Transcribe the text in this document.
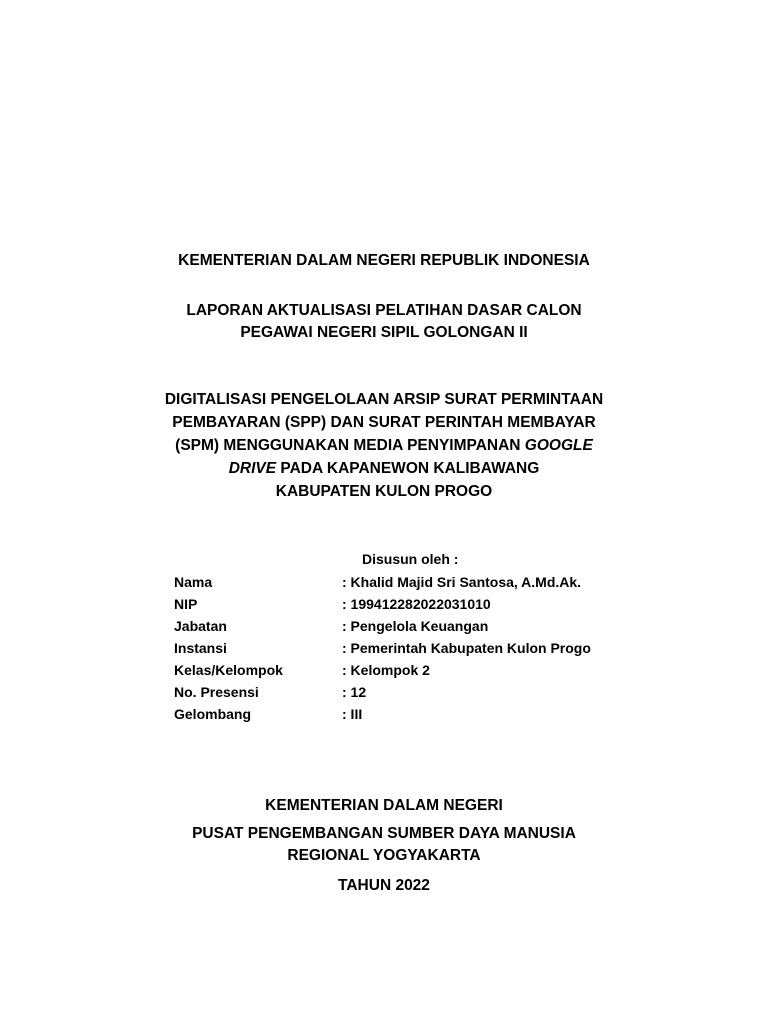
KEMENTERIAN DALAM NEGERI REPUBLIK INDONESIA
LAPORAN AKTUALISASI PELATIHAN DASAR CALON
PEGAWAI NEGERI SIPIL GOLONGAN II
DIGITALISASI PENGELOLAAN ARSIP SURAT PERMINTAAN
PEMBAYARAN (SPP) DAN SURAT PERINTAH MEMBAYAR
(SPM) MENGGUNAKAN MEDIA PENYIMPANAN GOOGLE
DRIVE PADA KAPANEWON KALIBAWANG
KABUPATEN KULON PROGO
Disusun oleh :
Nama	: Khalid Majid Sri Santosa, A.Md.Ak.
NIP	: 199412282022031010
Jabatan	: Pengelola Keuangan
Instansi	: Pemerintah Kabupaten Kulon Progo
Kelas/Kelompok	: Kelompok 2
No. Presensi	: 12
Gelombang	: III
KEMENTERIAN DALAM NEGERI
PUSAT PENGEMBANGAN SUMBER DAYA MANUSIA
REGIONAL YOGYAKARTA
TAHUN 2022
